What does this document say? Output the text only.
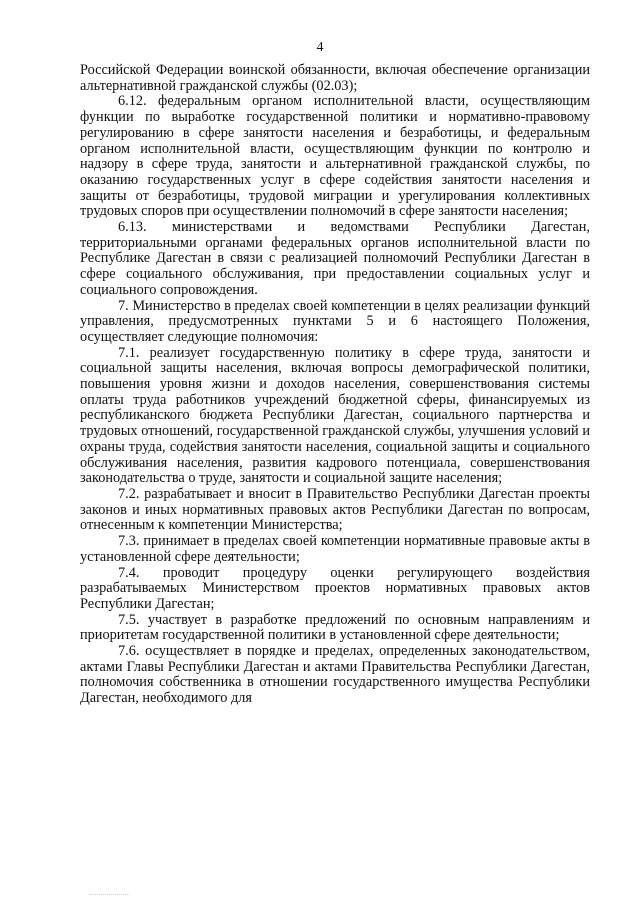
4

Российской Федерации воинской обязанности, включая обеспечение организации альтернативной гражданской службы (02.03);

6.12. федеральным органом исполнительной власти, осуществляющим функции по выработке государственной политики и нормативно-правовому регулированию в сфере занятости населения и безработицы, и федеральным органом исполнительной власти, осуществляющим функции по контролю и надзору в сфере труда, занятости и альтернативной гражданской службы, по оказанию государственных услуг в сфере содействия занятости населения и защиты от безработицы, трудовой миграции и урегулирования коллективных трудовых споров при осуществлении полномочий в сфере занятости населения;

6.13. министерствами и ведомствами Республики Дагестан, территориальными органами федеральных органов исполнительной власти по Республике Дагестан в связи с реализацией полномочий Республики Дагестан в сфере социального обслуживания, при предоставлении социальных услуг и социального сопровождения.

7. Министерство в пределах своей компетенции в целях реализации функций управления, предусмотренных пунктами 5 и 6 настоящего Положения, осуществляет следующие полномочия:

7.1. реализует государственную политику в сфере труда, занятости и социальной защиты населения, включая вопросы демографической политики, повышения уровня жизни и доходов населения, совершенствования системы оплаты труда работников учреждений бюджетной сферы, финансируемых из республиканского бюджета Республики Дагестан, социального партнерства и трудовых отношений, государственной гражданской службы, улучшения условий и охраны труда, содействия занятости населения, социальной защиты и социального обслуживания населения, развития кадрового потенциала, совершенствования законодательства о труде, занятости и социальной защите населения;

7.2. разрабатывает и вносит в Правительство Республики Дагестан проекты законов и иных нормативных правовых актов Республики Дагестан по вопросам, отнесенным к компетенции Министерства;

7.3. принимает в пределах своей компетенции нормативные правовые акты в установленной сфере деятельности;

7.4. проводит процедуру оценки регулирующего воздействия разрабатываемых Министерством проектов нормативных правовых актов Республики Дагестан;

7.5. участвует в разработке предложений по основным направлениям и приоритетам государственной политики в установленной сфере деятельности;

7.6. осуществляет в порядке и пределах, определенных законодательством, актами Главы Республики Дагестан и актами Правительства Республики Дагестан, полномочия собственника в отношении государственного имущества Республики Дагестан, необходимого для
